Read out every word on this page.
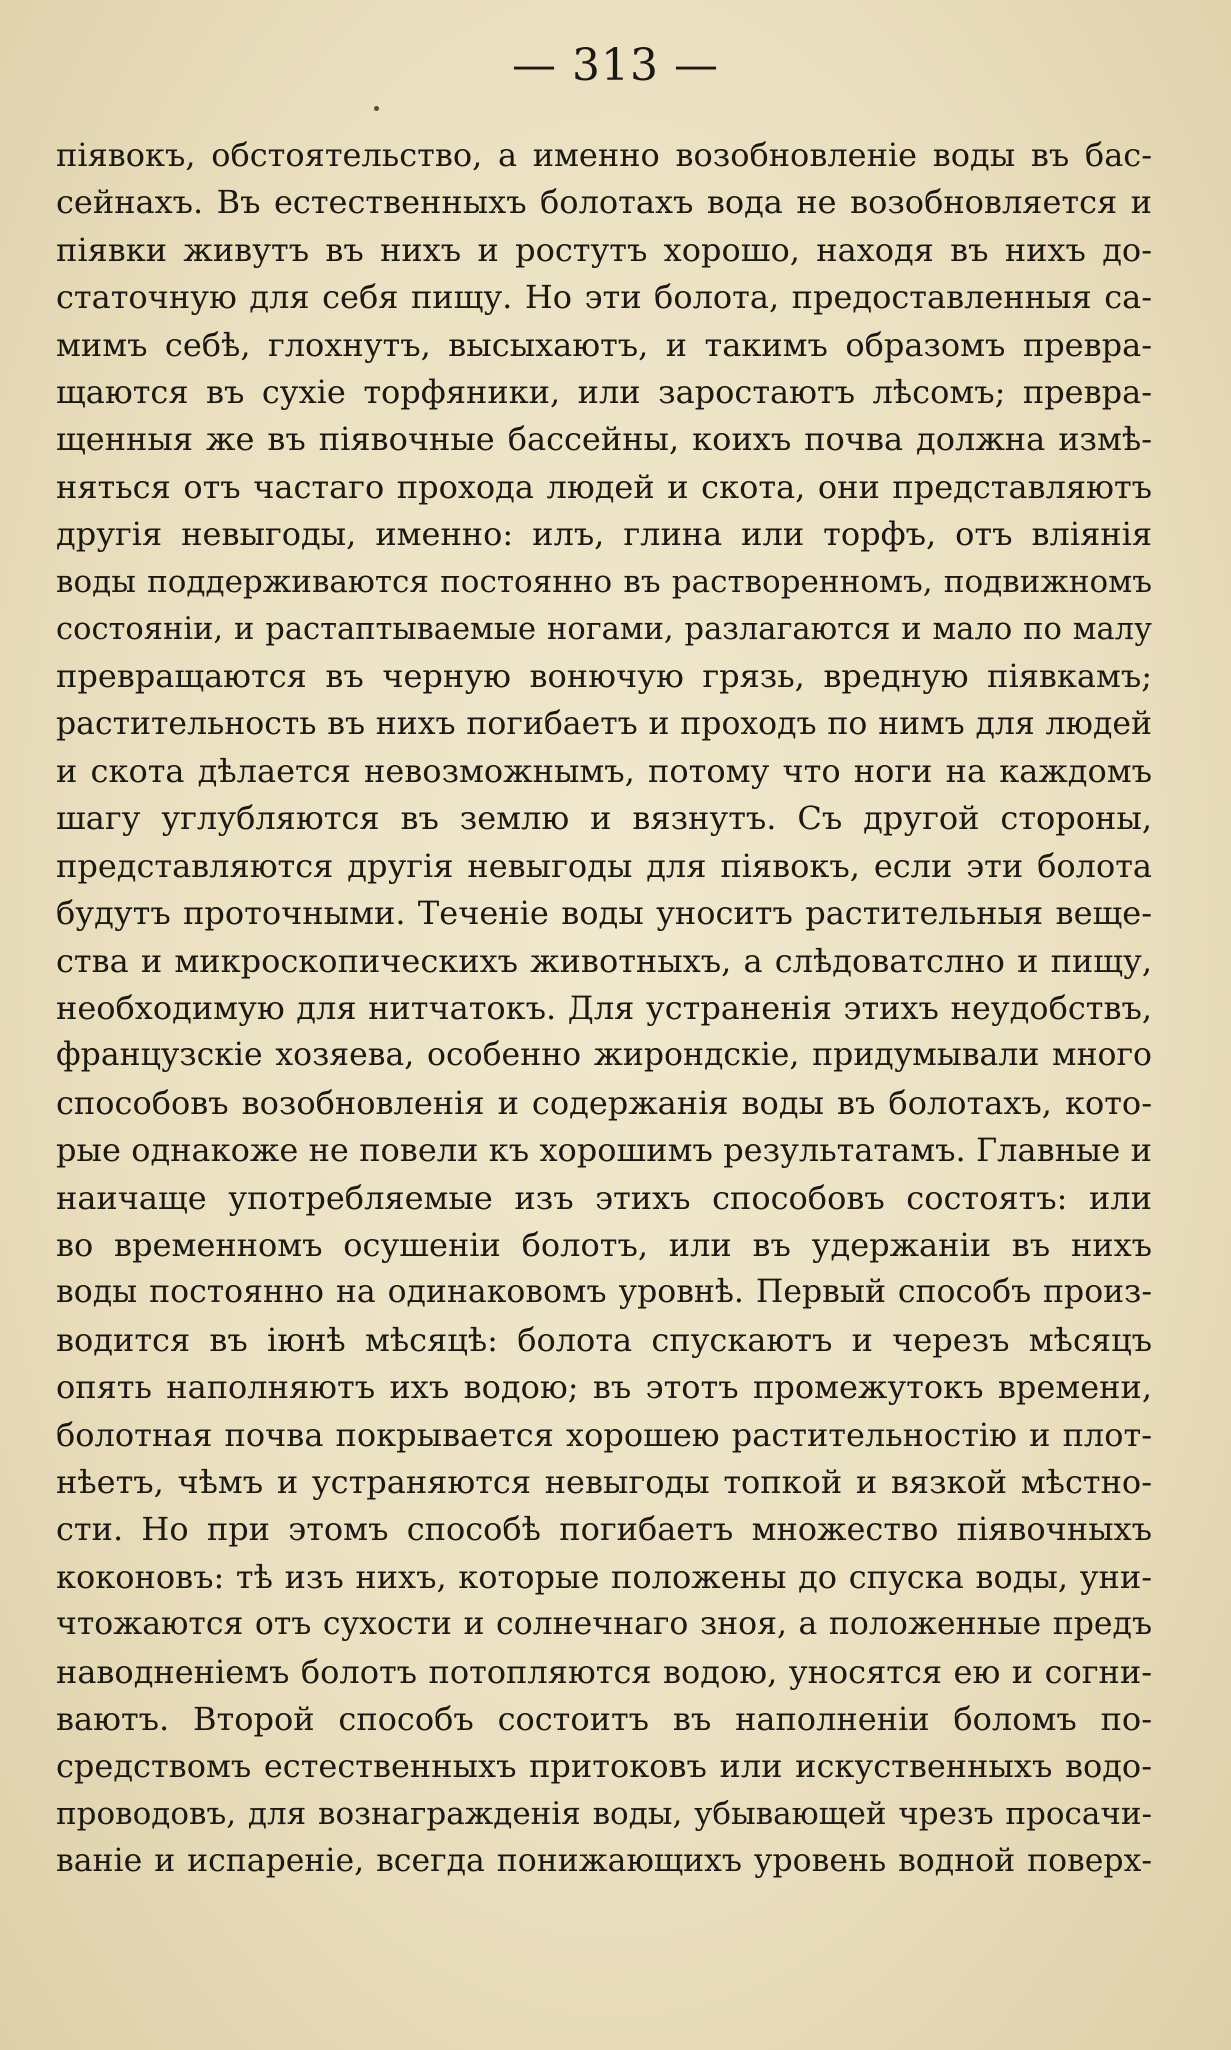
— 313 —
піявокъ, обстоятельство, а именно возобновленіе воды въ бас-
сейнахъ. Въ естественныхъ болотахъ вода не возобновляется и
піявки живутъ въ нихъ и ростутъ хорошо, находя въ нихъ до-
статочную для себя пищу. Но эти болота, предоставленныя са-
мимъ себѣ, глохнутъ, высыхаютъ, и такимъ образомъ превра-
щаются въ сухіе торфяники, или заростаютъ лѣсомъ; превра-
щенныя же въ піявочные бассейны, коихъ почва должна измѣ-
няться отъ частаго прохода людей и скота, они представляютъ
другія невыгоды, именно: илъ, глина или торфъ, отъ вліянія
воды поддерживаются постоянно въ растворенномъ, подвижномъ
состояніи, и растаптываемые ногами, разлагаются и мало по малу
превращаются въ черную вонючую грязь, вредную піявкамъ;
растительность въ нихъ погибаетъ и проходъ по нимъ для людей
и скота дѣлается невозможнымъ, потому что ноги на каждомъ
шагу углубляются въ землю и вязнутъ. Съ другой стороны,
представляются другія невыгоды для піявокъ, если эти болота
будутъ проточными. Теченіе воды уноситъ растительныя веще-
ства и микроскопическихъ животныхъ, а слѣдоватслно и пищу,
необходимую для нитчатокъ. Для устраненія этихъ неудобствъ,
французскіе хозяева, особенно жирондскіе, придумывали много
способовъ возобновленія и содержанія воды въ болотахъ, кото-
рые однакоже не повели къ хорошимъ результатамъ. Главные и
наичаще употребляемые изъ этихъ способовъ состоятъ: или
во временномъ осушеніи болотъ, или въ удержаніи въ нихъ
воды постоянно на одинаковомъ уровнѣ. Первый способъ произ-
водится въ іюнѣ мѣсяцѣ: болота спускаютъ и черезъ мѣсяцъ
опять наполняютъ ихъ водою; въ этотъ промежутокъ времени,
болотная почва покрывается хорошею растительностію и плот-
нѣетъ, чѣмъ и устраняются невыгоды топкой и вязкой мѣстно-
сти. Но при этомъ способѣ погибаетъ множество піявочныхъ
коконовъ: тѣ изъ нихъ, которые положены до спуска воды, уни-
чтожаются отъ сухости и солнечнаго зноя, а положенные предъ
наводненіемъ болотъ потопляются водою, уносятся ею и согни-
ваютъ. Второй способъ состоитъ въ наполненіи боломъ по-
средствомъ естественныхъ притоковъ или искуственныхъ водо-
проводовъ, для вознагражденія воды, убывающей чрезъ просачи-
ваніе и испареніе, всегда понижающихъ уровень водной поверх-
